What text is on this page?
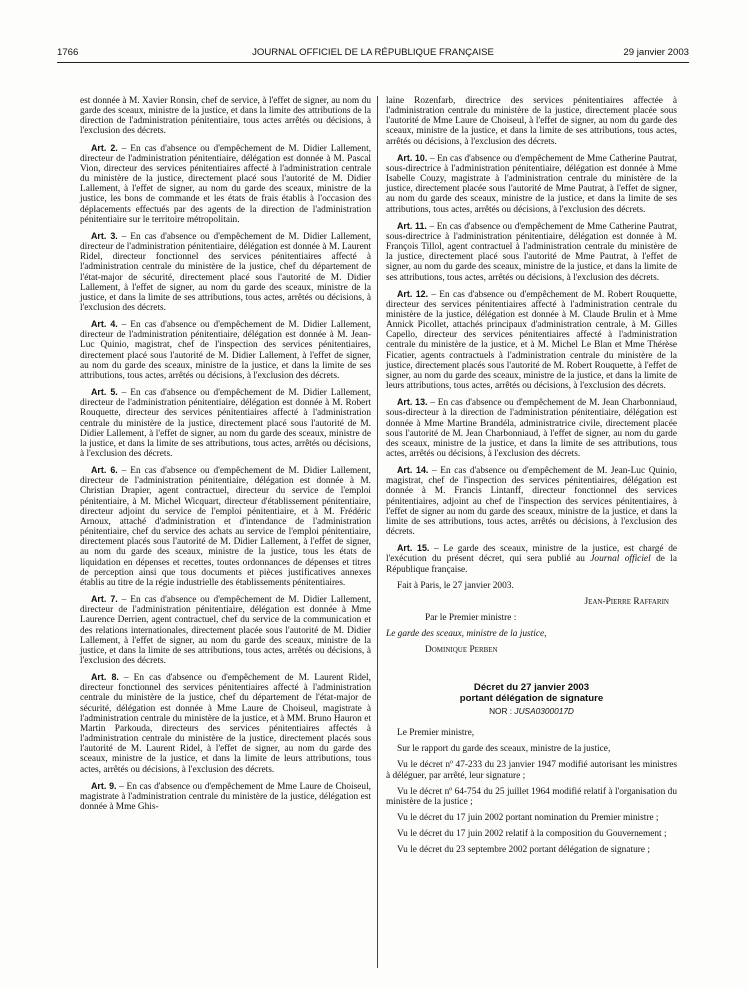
1766	JOURNAL OFFICIEL DE LA RÉPUBLIQUE FRANÇAISE	29 janvier 2003

est donnée à M. Xavier Ronsin, chef de service, à l'effet de signer, au nom du garde des sceaux, ministre de la justice, et dans la limite des attributions de la direction de l'administration pénitentiaire, tous actes arrêtés ou décisions, à l'exclusion des décrets.

Art. 2. – En cas d'absence ou d'empêchement de M. Didier Lallement, directeur de l'administration pénitentiaire, délégation est donnée à M. Pascal Vion, directeur des services pénitentiaires affecté à l'administration centrale du ministère de la justice, directement placé sous l'autorité de M. Didier Lallement, à l'effet de signer, au nom du garde des sceaux, ministre de la justice, les bons de commande et les états de frais établis à l'occasion des déplacements effectués par des agents de la direction de l'administration pénitentiaire sur le territoire métropolitain.

Art. 3. – En cas d'absence ou d'empêchement de M. Didier Lallement, directeur de l'administration pénitentiaire, délégation est donnée à M. Laurent Ridel, directeur fonctionnel des services pénitentiaires affecté à l'administration centrale du ministère de la justice, chef du département de l'état-major de sécurité, directement placé sous l'autorité de M. Didier Lallement, à l'effet de signer, au nom du garde des sceaux, ministre de la justice, et dans la limite de ses attributions, tous actes, arrêtés ou décisions, à l'exclusion des décrets.

Art. 4. – En cas d'absence ou d'empêchement de M. Didier Lallement, directeur de l'administration pénitentiaire, délégation est donnée à M. Jean-Luc Quinio, magistrat, chef de l'inspection des services pénitentiaires, directement placé sous l'autorité de M. Didier Lallement, à l'effet de signer, au nom du garde des sceaux, ministre de la justice, et dans la limite de ses attributions, tous actes, arrêtés ou décisions, à l'exclusion des décrets.

Art. 5. – En cas d'absence ou d'empêchement de M. Didier Lallement, directeur de l'administration pénitentiaire, délégation est donnée à M. Robert Rouquette, directeur des services pénitentiaires affecté à l'administration centrale du ministère de la justice, directement placé sous l'autorité de M. Didier Lallement, à l'effet de signer, au nom du garde des sceaux, ministre de la justice, et dans la limite de ses attributions, tous actes, arrêtés ou décisions, à l'exclusion des décrets.

Art. 6. – En cas d'absence ou d'empêchement de M. Didier Lallement, directeur de l'administration pénitentiaire, délégation est donnée à M. Christian Drapier, agent contractuel, directeur du service de l'emploi pénitentiaire, à M. Michel Wicquart, directeur d'établissement pénitentiaire, directeur adjoint du service de l'emploi pénitentiaire, et à M. Frédéric Arnoux, attaché d'administration et d'intendance de l'administration pénitentiaire, chef du service des achats au service de l'emploi pénitentiaire, directement placés sous l'autorité de M. Didier Lallement, à l'effet de signer, au nom du garde des sceaux, ministre de la justice, tous les états de liquidation en dépenses et recettes, toutes ordonnances de dépenses et titres de perception ainsi que tous documents et pièces justificatives annexes établis au titre de la régie industrielle des établissements pénitentiaires.

Art. 7. – En cas d'absence ou d'empêchement de M. Didier Lallement, directeur de l'administration pénitentiaire, délégation est donnée à Mme Laurence Derrien, agent contractuel, chef du service de la communication et des relations internationales, directement placée sous l'autorité de M. Didier Lallement, à l'effet de signer, au nom du garde des sceaux, ministre de la justice, et dans la limite de ses attributions, tous actes, arrêtés ou décisions, à l'exclusion des décrets.

Art. 8. – En cas d'absence ou d'empêchement de M. Laurent Ridel, directeur fonctionnel des services pénitentiaires affecté à l'administration centrale du ministère de la justice, chef du département de l'état-major de sécurité, délégation est donnée à Mme Laure de Choiseul, magistrate à l'administration centrale du ministère de la justice, et à MM. Bruno Hauron et Martin Parkouda, directeurs des services pénitentiaires affectés à l'administration centrale du ministère de la justice, directement placés sous l'autorité de M. Laurent Ridel, à l'effet de signer, au nom du garde des sceaux, ministre de la justice, et dans la limite de leurs attributions, tous actes, arrêtés ou décisions, à l'exclusion des décrets.

Art. 9. – En cas d'absence ou d'empêchement de Mme Laure de Choiseul, magistrate à l'administration centrale du ministère de la justice, délégation est donnée à Mme Ghis-

laine Rozenfarb, directrice des services pénitentiaires affectée à l'administration centrale du ministère de la justice, directement placée sous l'autorité de Mme Laure de Choiseul, à l'effet de signer, au nom du garde des sceaux, ministre de la justice, et dans la limite de ses attributions, tous actes, arrêtés ou décisions, à l'exclusion des décrets.

Art. 10. – En cas d'absence ou d'empêchement de Mme Catherine Pautrat, sous-directrice à l'administration pénitentiaire, délégation est donnée à Mme Isabelle Couzy, magistrate à l'administration centrale du ministère de la justice, directement placée sous l'autorité de Mme Pautrat, à l'effet de signer, au nom du garde des sceaux, ministre de la justice, et dans la limite de ses attributions, tous actes, arrêtés ou décisions, à l'exclusion des décrets.

Art. 11. – En cas d'absence ou d'empêchement de Mme Catherine Pautrat, sous-directrice à l'administration pénitentiaire, délégation est donnée à M. François Tillol, agent contractuel à l'administration centrale du ministère de la justice, directement placé sous l'autorité de Mme Pautrat, à l'effet de signer, au nom du garde des sceaux, ministre de la justice, et dans la limite de ses attributions, tous actes, arrêtés ou décisions, à l'exclusion des décrets.

Art. 12. – En cas d'absence ou d'empêchement de M. Robert Rouquette, directeur des services pénitentiaires affecté à l'administration centrale du ministère de la justice, délégation est donnée à M. Claude Brulin et à Mme Annick Picollet, attachés principaux d'administration centrale, à M. Gilles Capello, directeur des services pénitentiaires affecté à l'administration centrale du ministère de la justice, et à M. Michel Le Blan et Mme Thérèse Ficatier, agents contractuels à l'administration centrale du ministère de la justice, directement placés sous l'autorité de M. Robert Rouquette, à l'effet de signer, au nom du garde des sceaux, ministre de la justice, et dans la limite de leurs attributions, tous actes, arrêtés ou décisions, à l'exclusion des décrets.

Art. 13. – En cas d'absence ou d'empêchement de M. Jean Charbonniaud, sous-directeur à la direction de l'administration pénitentiaire, délégation est donnée à Mme Martine Brandéla, administratrice civile, directement placée sous l'autorité de M. Jean Charbonniaud, à l'effet de signer, au nom du garde des sceaux, ministre de la justice, et dans la limite de ses attributions, tous actes, arrêtés ou décisions, à l'exclusion des décrets.

Art. 14. – En cas d'absence ou d'empêchement de M. Jean-Luc Quinio, magistrat, chef de l'inspection des services pénitentiaires, délégation est donnée à M. Francis Lintanff, directeur fonctionnel des services pénitentiaires, adjoint au chef de l'inspection des services pénitentiaires, à l'effet de signer au nom du garde des sceaux, ministre de la justice, et dans la limite de ses attributions, tous actes, arrêtés ou décisions, à l'exclusion des décrets.

Art. 15. – Le garde des sceaux, ministre de la justice, est chargé de l'exécution du présent décret, qui sera publié au Journal officiel de la République française.

Fait à Paris, le 27 janvier 2003.

Jean-Pierre Raffarin

Par le Premier ministre :

Le garde des sceaux, ministre de la justice,

Dominique Perben

Décret du 27 janvier 2003
portant délégation de signature
NOR : JUSA0300017D

Le Premier ministre,

Sur le rapport du garde des sceaux, ministre de la justice,

Vu le décret nº 47-233 du 23 janvier 1947 modifié autorisant les ministres à déléguer, par arrêté, leur signature ;

Vu le décret nº 64-754 du 25 juillet 1964 modifié relatif à l'organisation du ministère de la justice ;

Vu le décret du 17 juin 2002 portant nomination du Premier ministre ;

Vu le décret du 17 juin 2002 relatif à la composition du Gouvernement ;

Vu le décret du 23 septembre 2002 portant délégation de signature ;
